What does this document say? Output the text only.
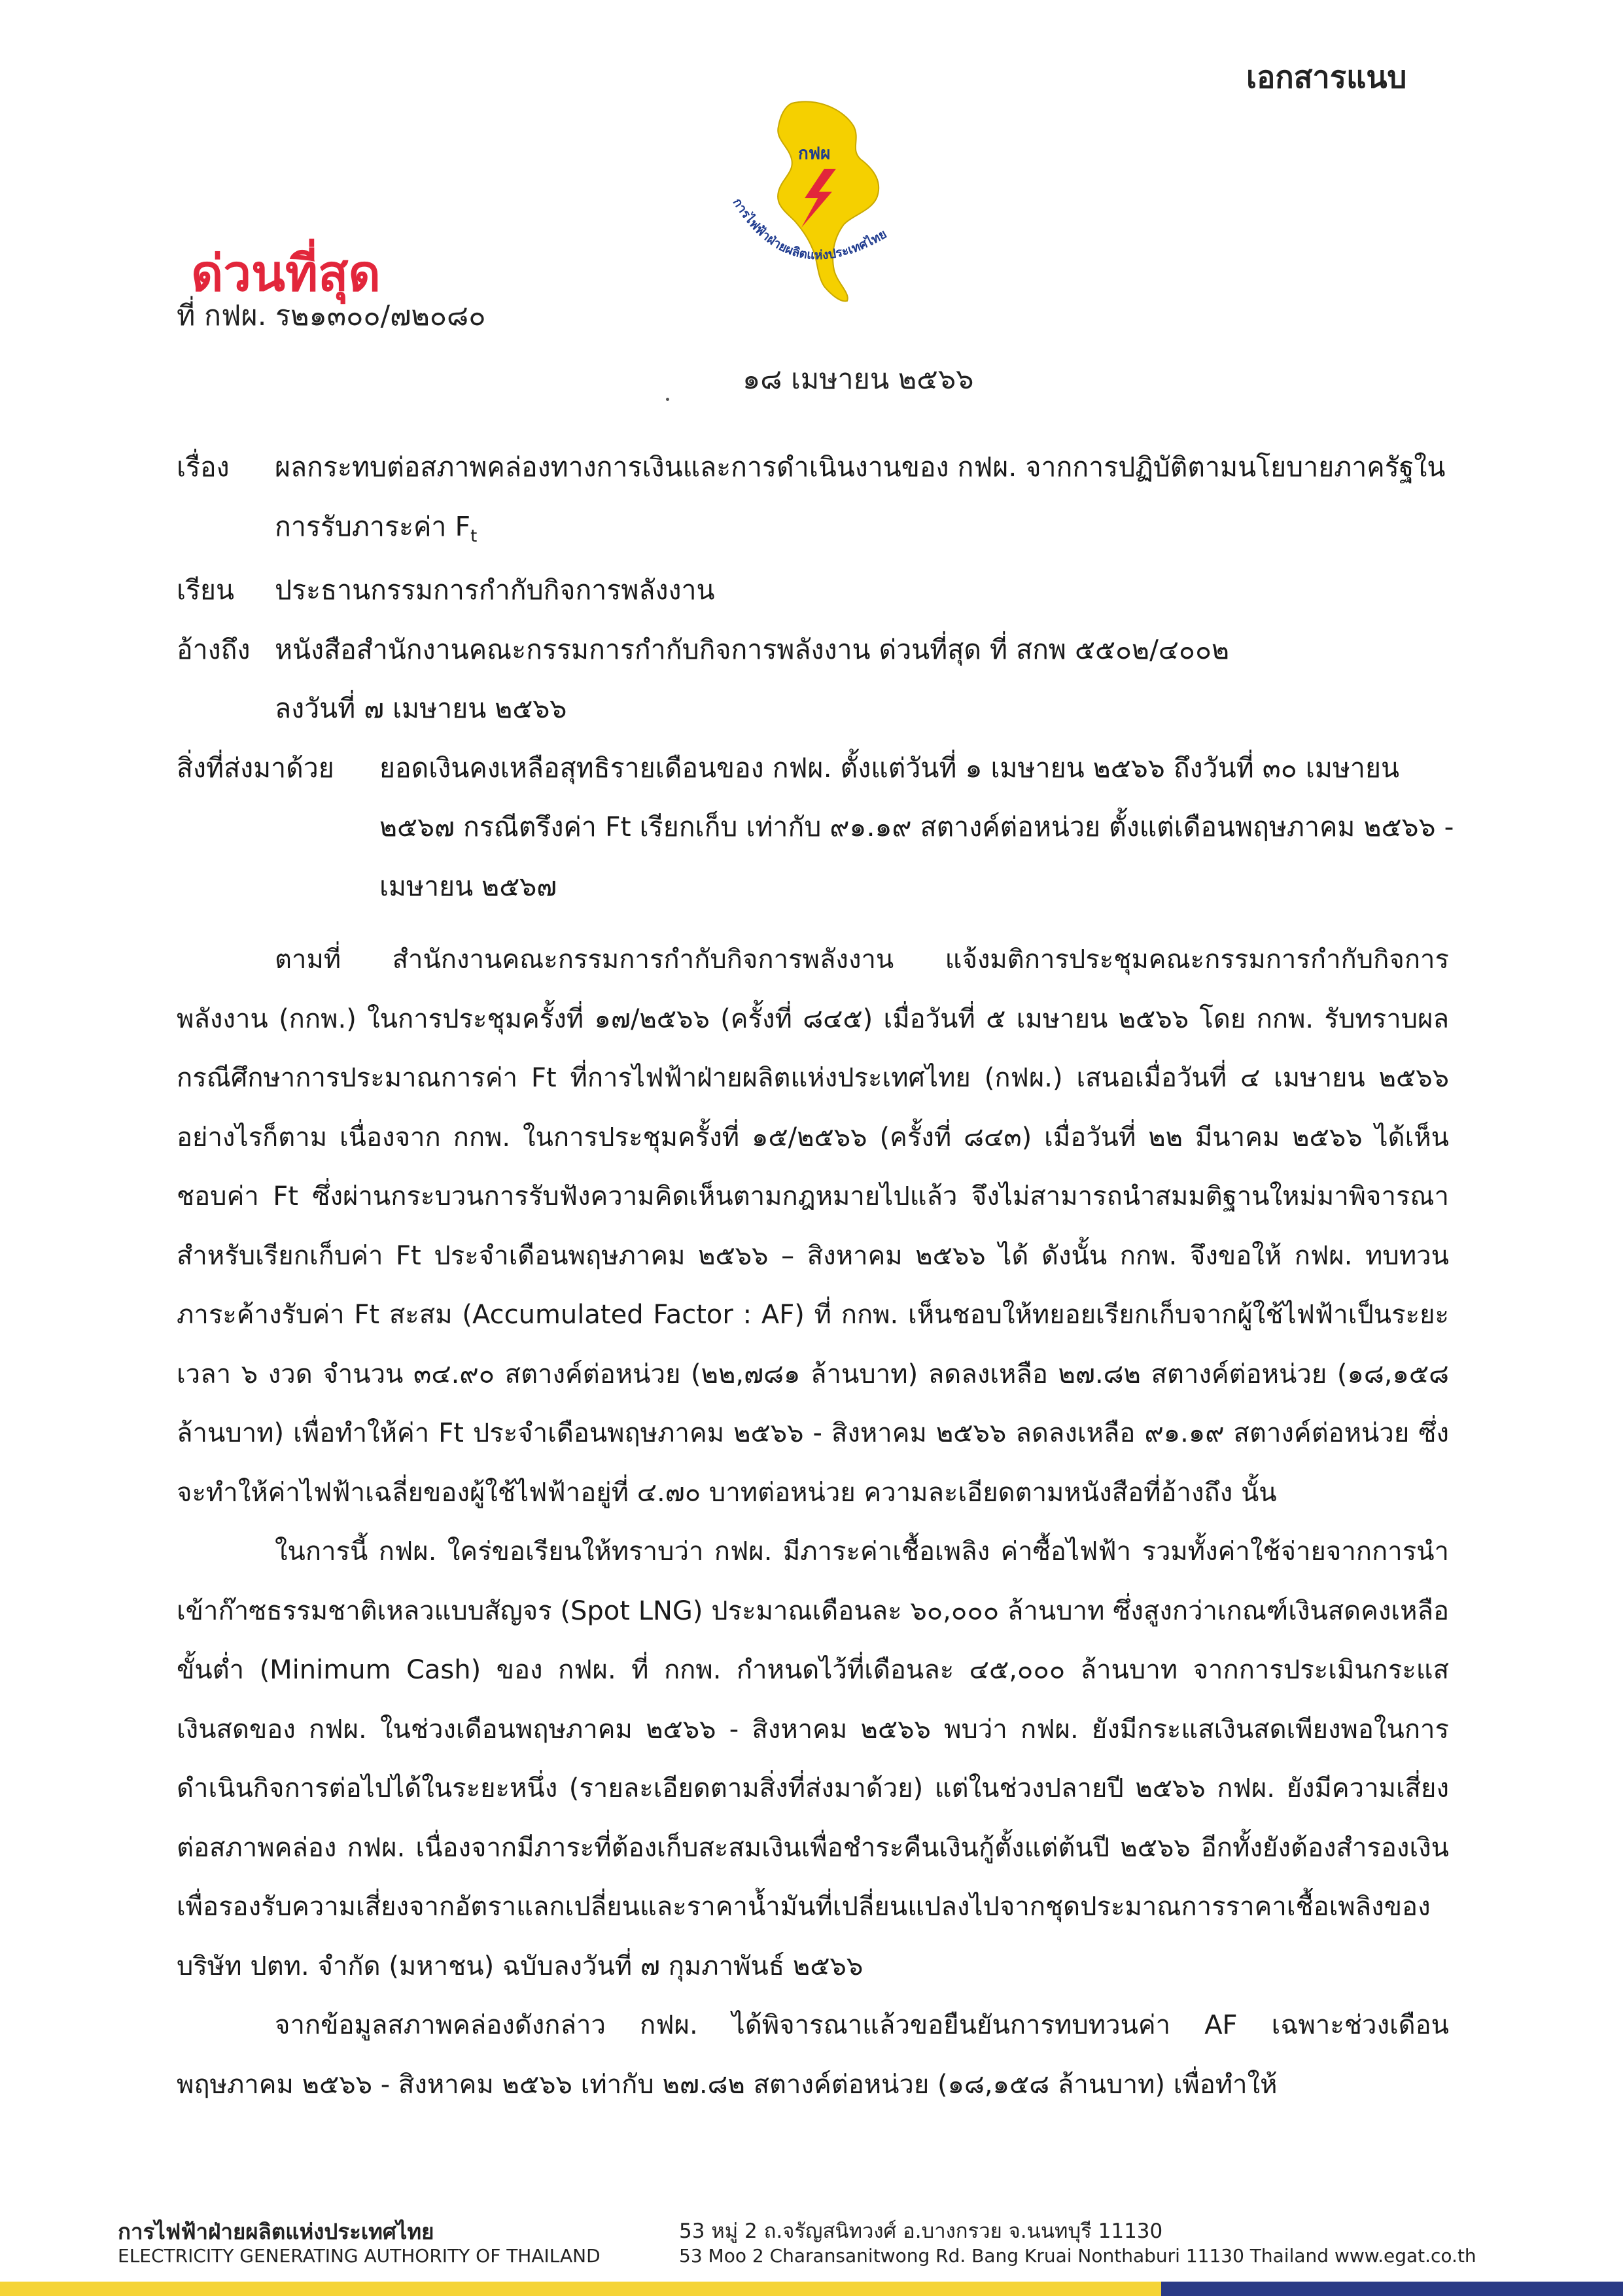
เอกสารแนบ
กฟผ
การไฟฟ้าฝ่ายผลิตแห่งประเทศไทย
ด่วนที่สุด
ที่ กฟผ. ร๒๑๓๐๐/๗๒๐๘๐
๑๘ เมษายน ๒๕๖๖
เรื่อง ผลกระทบต่อสภาพคล่องทางการเงินและการดำเนินงานของ กฟผ. จากการปฏิบัติตามนโยบายภาครัฐใน
การรับภาระค่า $F_t$
เรียน ประธานกรรมการกำกับกิจการพลังงาน
อ้างถึง หนังสือสำนักงานคณะกรรมการกำกับกิจการพลังงาน ด่วนที่สุด ที่ สกพ ๕๕๐๒/๔๐๐๒
ลงวันที่ ๗ เมษายน ๒๕๖๖
สิ่งที่ส่งมาด้วย ยอดเงินคงเหลือสุทธิรายเดือนของ กฟผ. ตั้งแต่วันที่ ๑ เมษายน ๒๕๖๖ ถึงวันที่ ๓๐ เมษายน
๒๕๖๗ กรณีตรึงค่า Ft เรียกเก็บ เท่ากับ ๙๑.๑๙ สตางค์ต่อหน่วย ตั้งแต่เดือนพฤษภาคม ๒๕๖๖ -
เมษายน ๒๕๖๗

ตามที่ สำนักงานคณะกรรมการกำกับกิจการพลังงาน แจ้งมติการประชุมคณะกรรมการกำกับกิจการพลังงาน (กกพ.) ในการประชุมครั้งที่ ๑๗/๒๕๖๖ (ครั้งที่ ๘๔๕) เมื่อวันที่ ๕ เมษายน ๒๕๖๖ โดย กกพ. รับทราบผลกรณีศึกษาการประมาณการค่า Ft ที่การไฟฟ้าฝ่ายผลิตแห่งประเทศไทย (กฟผ.) เสนอเมื่อวันที่ ๔ เมษายน ๒๕๖๖ อย่างไรก็ตาม เนื่องจาก กกพ. ในการประชุมครั้งที่ ๑๕/๒๕๖๖ (ครั้งที่ ๘๔๓) เมื่อวันที่ ๒๒ มีนาคม ๒๕๖๖ ได้เห็นชอบค่า Ft ซึ่งผ่านกระบวนการรับฟังความคิดเห็นตามกฎหมายไปแล้ว จึงไม่สามารถนำสมมติฐานใหม่มาพิจารณาสำหรับเรียกเก็บค่า Ft ประจำเดือนพฤษภาคม ๒๕๖๖ – สิงหาคม ๒๕๖๖ ได้ ดังนั้น กกพ. จึงขอให้ กฟผ. ทบทวนภาระค้างรับค่า Ft สะสม (Accumulated Factor : AF) ที่ กกพ. เห็นชอบให้ทยอยเรียกเก็บจากผู้ใช้ไฟฟ้าเป็นระยะเวลา ๖ งวด จำนวน ๓๔.๙๐ สตางค์ต่อหน่วย (๒๒,๗๘๑ ล้านบาท) ลดลงเหลือ ๒๗.๘๒ สตางค์ต่อหน่วย (๑๘,๑๕๘ ล้านบาท) เพื่อทำให้ค่า Ft ประจำเดือนพฤษภาคม ๒๕๖๖ - สิงหาคม ๒๕๖๖ ลดลงเหลือ ๙๑.๑๙ สตางค์ต่อหน่วย ซึ่งจะทำให้ค่าไฟฟ้าเฉลี่ยของผู้ใช้ไฟฟ้าอยู่ที่ ๔.๗๐ บาทต่อหน่วย ความละเอียดตามหนังสือที่อ้างถึง นั้น

ในการนี้ กฟผ. ใคร่ขอเรียนให้ทราบว่า กฟผ. มีภาระค่าเชื้อเพลิง ค่าซื้อไฟฟ้า รวมทั้งค่าใช้จ่ายจากการนำเข้าก๊าซธรรมชาติเหลวแบบสัญจร (Spot LNG) ประมาณเดือนละ ๖๐,๐๐๐ ล้านบาท ซึ่งสูงกว่าเกณฑ์เงินสดคงเหลือขั้นต่ำ (Minimum Cash) ของ กฟผ. ที่ กกพ. กำหนดไว้ที่เดือนละ ๔๕,๐๐๐ ล้านบาท จากการประเมินกระแสเงินสดของ กฟผ. ในช่วงเดือนพฤษภาคม ๒๕๖๖ - สิงหาคม ๒๕๖๖ พบว่า กฟผ. ยังมีกระแสเงินสดเพียงพอในการดำเนินกิจการต่อไปได้ในระยะหนึ่ง (รายละเอียดตามสิ่งที่ส่งมาด้วย) แต่ในช่วงปลายปี ๒๕๖๖ กฟผ. ยังมีความเสี่ยงต่อสภาพคล่อง กฟผ. เนื่องจากมีภาระที่ต้องเก็บสะสมเงินเพื่อชำระคืนเงินกู้ตั้งแต่ต้นปี ๒๕๖๖ อีกทั้งยังต้องสำรองเงินเพื่อรองรับความเสี่ยงจากอัตราแลกเปลี่ยนและราคาน้ำมันที่เปลี่ยนแปลงไปจากชุดประมาณการราคาเชื้อเพลิงของ บริษัท ปตท. จำกัด (มหาชน) ฉบับลงวันที่ ๗ กุมภาพันธ์ ๒๕๖๖

จากข้อมูลสภาพคล่องดังกล่าว กฟผ. ได้พิจารณาแล้วขอยืนยันการทบทวนค่า AF เฉพาะช่วงเดือนพฤษภาคม ๒๕๖๖ - สิงหาคม ๒๕๖๖ เท่ากับ ๒๗.๘๒ สตางค์ต่อหน่วย (๑๘,๑๕๘ ล้านบาท) เพื่อทำให้

การไฟฟ้าฝ่ายผลิตแห่งประเทศไทย
ELECTRICITY GENERATING AUTHORITY OF THAILAND
53 หมู่ 2 ถ.จรัญสนิทวงศ์ อ.บางกรวย จ.นนทบุรี 11130
53 Moo 2 Charansanitwong Rd. Bang Kruai Nonthaburi 11130 Thailand www.egat.co.th
